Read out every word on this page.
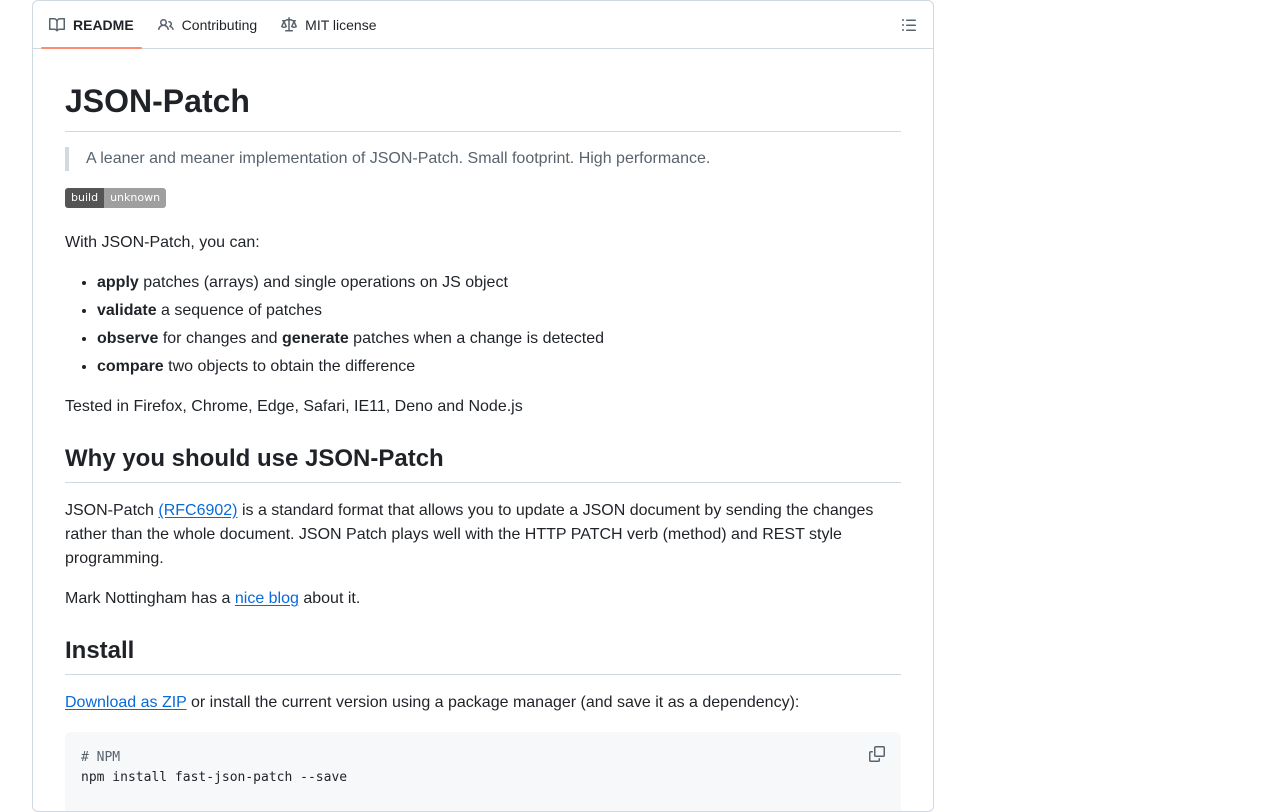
README	Contributing	MIT license
JSON-Patch
A leaner and meaner implementation of JSON-Patch. Small footprint. High performance.
build	unknown

With JSON-Patch, you can:

• apply patches (arrays) and single operations on JS object
• validate a sequence of patches
• observe for changes and generate patches when a change is detected
• compare two objects to obtain the difference

Tested in Firefox, Chrome, Edge, Safari, IE11, Deno and Node.js

Why you should use JSON-Patch

JSON-Patch (RFC6902) is a standard format that allows you to update a JSON document by sending the changes rather than the whole document. JSON Patch plays well with the HTTP PATCH verb (method) and REST style programming.

Mark Nottingham has a nice blog about it.

Install

Download as ZIP or install the current version using a package manager (and save it as a dependency):

# NPM
npm install fast-json-patch --save
